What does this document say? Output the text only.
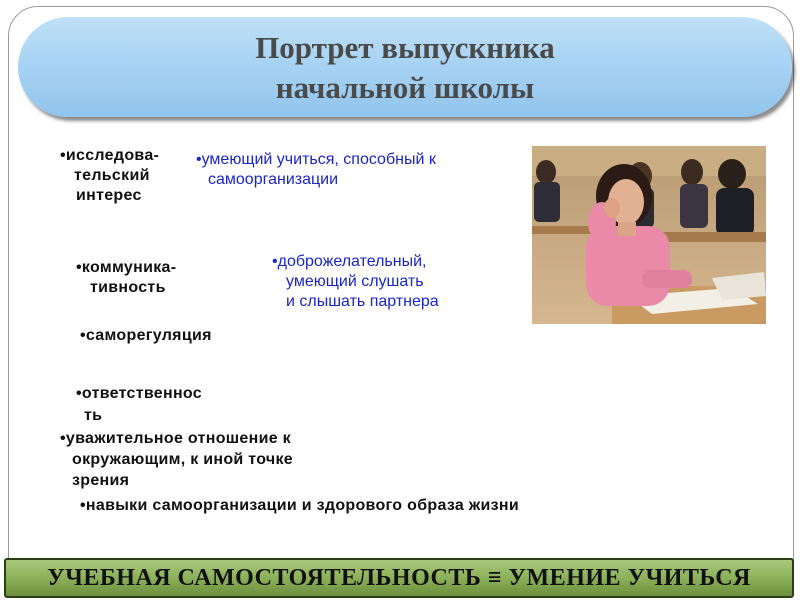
Портрет выпускника
начальной школы
•исследова-
тельский
интерес
•умеющий учиться, способный к
самоорганизации
•коммуника-
тивность
•доброжелательный,
умеющий слушать
и слышать партнера
•саморегуляция
•ответственнос
ть
•уважительное отношение к
окружающим, к иной точке
зрения
•навыки самоорганизации и здорового образа жизни
УЧЕБНАЯ САМОСТОЯТЕЛЬНОСТЬ ≡ УМЕНИЕ УЧИТЬСЯ
